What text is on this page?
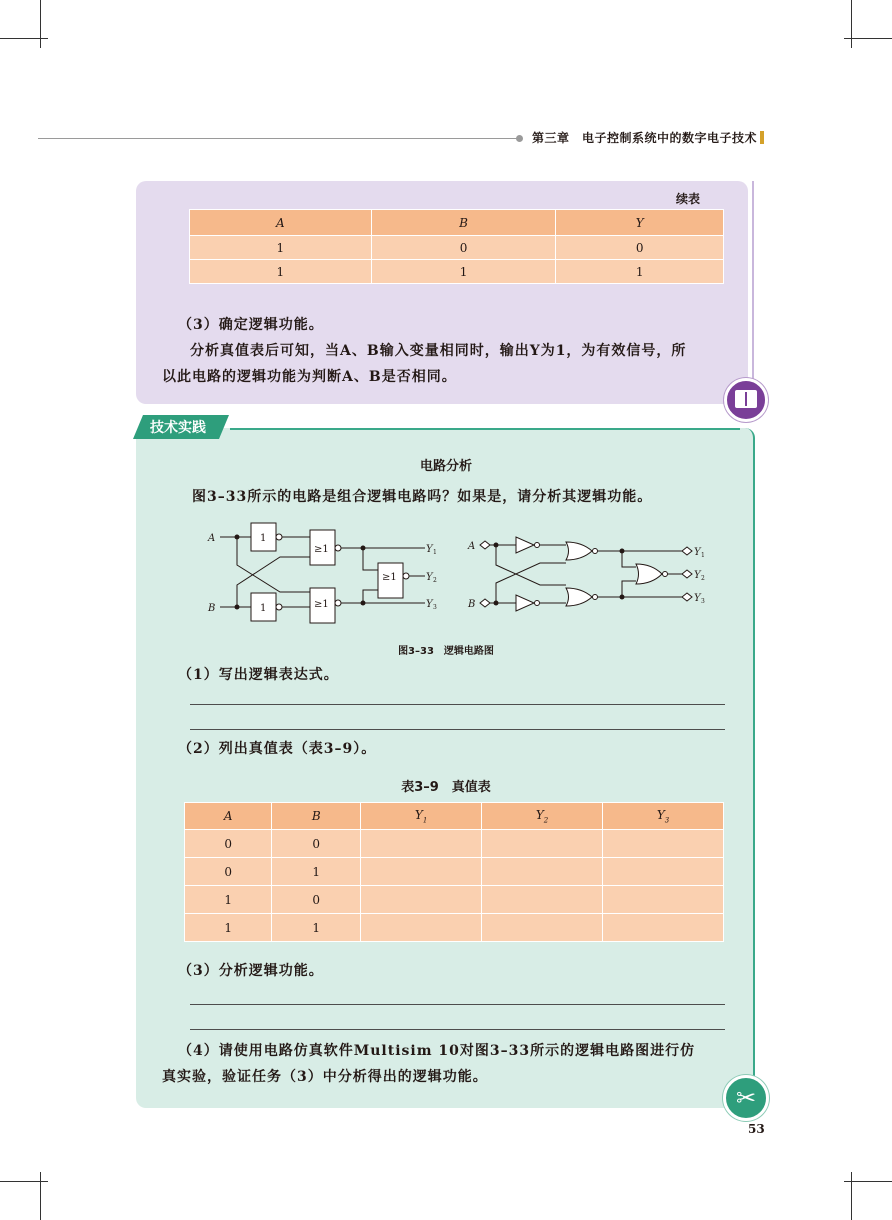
第三章　电子控制系统中的数字电子技术
续表
A	B	Y
1	0	0
1	1	1
（3）确定逻辑功能。
分析真值表后可知，当A、B输入变量相同时，输出Y为1，为有效信号，所
以此电路的逻辑功能为判断A、B是否相同。
技术实践
电路分析
图3–33所示的电路是组合逻辑电路吗？如果是，请分析其逻辑功能。
A
B
1
1
≥1
≥1
≥1
Y 1
Y 2
Y 3
A
B
Y 1
Y 2
Y 3
图3–33　逻辑电路图
（1）写出逻辑表达式。
（2）列出真值表（表3–9）。
表3–9　真值表
A	B	$Y_1$	$Y_2$	$Y_3$
0	0			
0	1			
1	0			
1	1			
（3）分析逻辑功能。
（4）请使用电路仿真软件Multisim 10对图3–33所示的逻辑电路图进行仿
真实验，验证任务（3）中分析得出的逻辑功能。
✂
53
